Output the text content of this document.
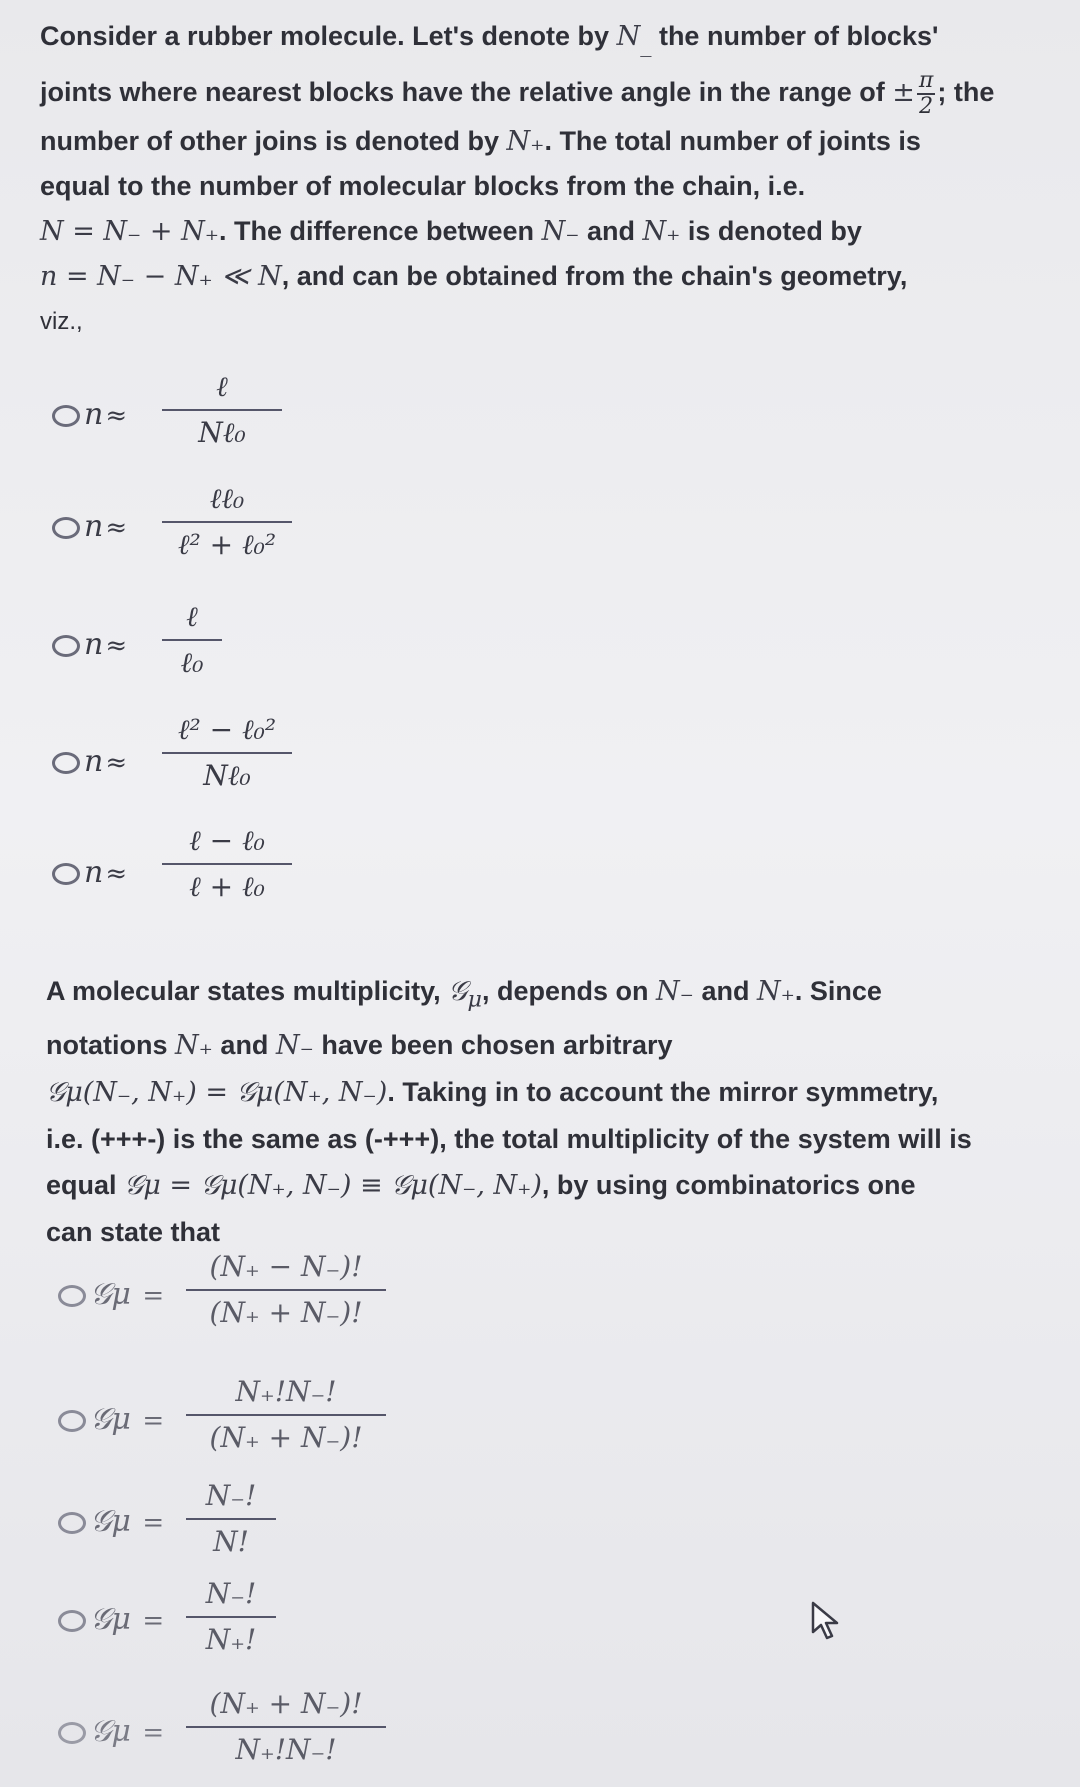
Consider a rubber molecule. Let's denote by $N_{\_}$ the number of blocks'
joints where nearest blocks have the relative angle in the range of ± $\frac{\pi}{2}$ ; the
number of other joins is denoted by N₊. The total number of joints is
equal to the number of molecular blocks from the chain, i.e.
N = N₋ + N₊. The difference between N₋ and N₊ is denoted by
n = N₋ − N₊ ≪ N, and can be obtained from the chain's geometry,
viz.,
n≈
ℓ
Nℓ₀
n≈
ℓℓ₀
ℓ² + ℓ₀²
n≈
ℓ
ℓ₀
n≈
ℓ² − ℓ₀²
Nℓ₀
n≈
ℓ − ℓ₀
ℓ + ℓ₀
A molecular states multiplicity, 𝒢$_\mu$, depends on N₋ and N₊. Since
notations N₊ and N₋ have been chosen arbitrary
𝒢μ(N₋, N₊) = 𝒢μ(N₊, N₋). Taking in to account the mirror symmetry,
i.e. (+++-) is the same as (-+++), the total multiplicity of the system will is
equal 𝒢μ = 𝒢μ(N₊, N₋) ≡ 𝒢μ(N₋, N₊), by using combinatorics one
can state that
𝒢μ = $\frac{(N_+ - N_-)!}{(N_+ + N_-)!}$
𝒢μ = $\frac{N_+!N_-!}{(N_+ + N_-)!}$
𝒢μ = $\frac{N_-!}{N!}$
𝒢μ = $\frac{N_-!}{N_+!}$
𝒢μ = $\frac{(N_+ + N_-)!}{N_+!N_-!}$
